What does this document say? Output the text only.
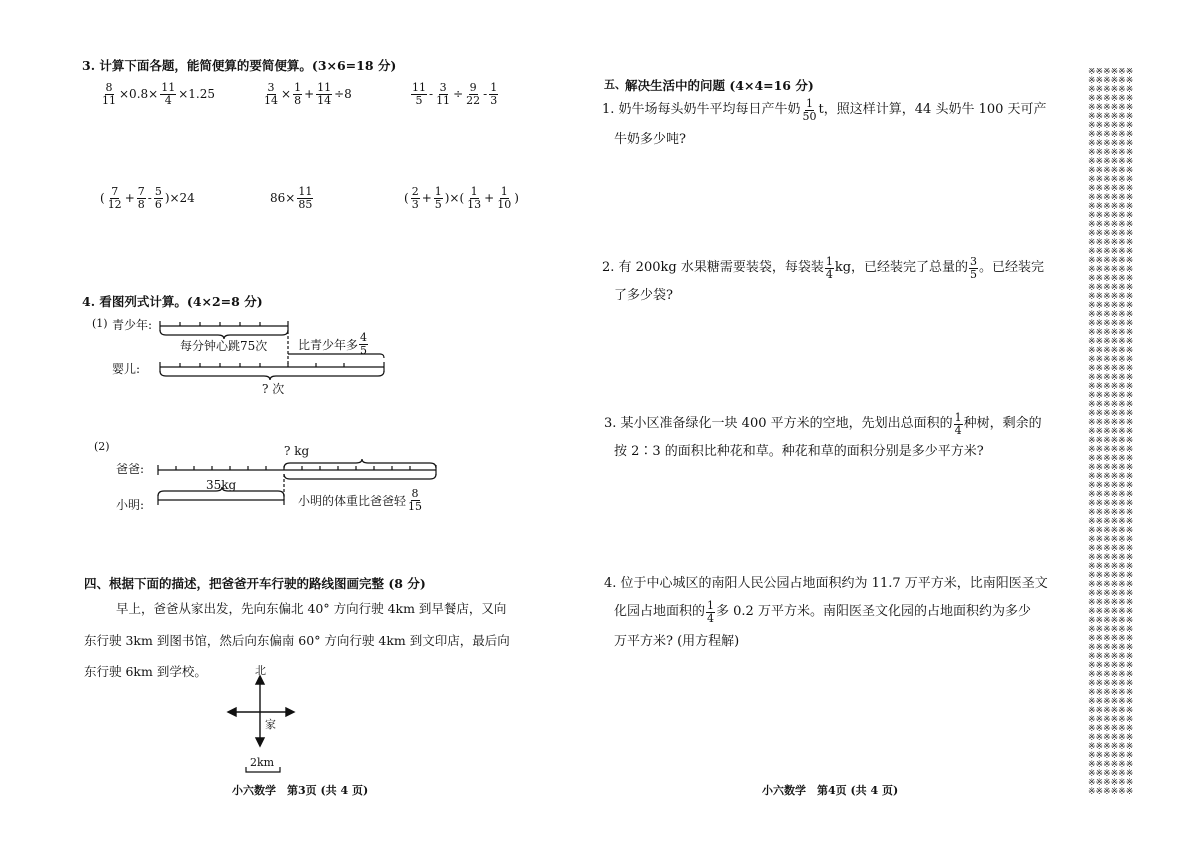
3. 计算下面各题，能简便算的要简便算。(3×6=18 分)
$\frac{8}{11} \times 0.8\times \frac{11}{4} \times 1.25$	$\frac{3}{14} \times \frac{1}{8} + \frac{11}{14} \div 8$	$\frac{11}{5} - \frac{3}{11} \div \frac{9}{22} - \frac{1}{3}$
( $\frac{7}{12} + \frac{7}{8} - \frac{5}{6} )\times 24$	$86\times \frac{11}{85}$	( $\frac{2}{3} + \frac{1}{5}$ )×( $\frac{1}{13} + \frac{1}{10}$ )
4. 看图列式计算。(4×2=8 分)
(1) 青少年:
每分钟心跳75次	比青少年多 $\frac{4}{5}$
婴儿:
? 次
(2)	? kg
爸爸:
35kg
小明:	小明的体重比爸爸轻 $\frac{8}{15}$
四、根据下面的描述，把爸爸开车行驶的路线图画完整 (8 分)
早上，爸爸从家出发，先向东偏北 40° 方向行驶 4km 到早餐店，又向
东行驶 3km 到图书馆，然后向东偏南 60° 方向行驶 4km 到文印店，最后向
东行驶 6km 到学校。	北
家
2km
小六数学　第3页 (共 4 页)
五、 解决生活中的问题 (4×4=16 分)
1. 奶牛场每头奶牛平均每日产牛奶 $\frac{1}{50}$ t，照这样计算，44 头奶牛 100 天可产
牛奶多少吨?
2. 有 200kg 水果糖需要装袋，每袋装 $\frac{1}{4}$ kg，已经装完了总量的 $\frac{3}{5}$ 。已经装完
了多少袋?
3. 某小区准备绿化一块 400 平方米的空地，先划出总面积的 $\frac{1}{4}$ 种树，剩余的
按 2∶3 的面积比种花和草。种花和草的面积分别是多少平方米?
4. 位于中心城区的南阳人民公园占地面积约为 11.7 万平方米，比南阳医圣文
化园占地面积的 $\frac{1}{4}$ 多 0.2 万平方米。南阳医圣文化园的占地面积约为多少
万平方米? (用方程解)
小六数学　第4页 (共 4 页)
※※※※※※
※※※※※※
※※※※※※
※※※※※※
※※※※※※
※※※※※※
※※※※※※
※※※※※※
※※※※※※
※※※※※※
※※※※※※
※※※※※※
※※※※※※
※※※※※※
※※※※※※
※※※※※※
※※※※※※
※※※※※※
※※※※※※
※※※※※※
※※※※※※
※※※※※※
※※※※※※
※※※※※※
※※※※※※
※※※※※※
※※※※※※
※※※※※※
※※※※※※
※※※※※※
※※※※※※
※※※※※※
※※※※※※
※※※※※※
※※※※※※
※※※※※※
※※※※※※
※※※※※※
※※※※※※
※※※※※※
※※※※※※
※※※※※※
※※※※※※
※※※※※※
※※※※※※
※※※※※※
※※※※※※
※※※※※※
※※※※※※
※※※※※※
※※※※※※
※※※※※※
※※※※※※
※※※※※※
※※※※※※
※※※※※※
※※※※※※
※※※※※※
※※※※※※
※※※※※※
※※※※※※
※※※※※※
※※※※※※
※※※※※※
※※※※※※
※※※※※※
※※※※※※
※※※※※※
※※※※※※
※※※※※※
※※※※※※
※※※※※※
※※※※※※
※※※※※※
※※※※※※
※※※※※※
※※※※※※
※※※※※※
※※※※※※
※※※※※※
※※※※※※
